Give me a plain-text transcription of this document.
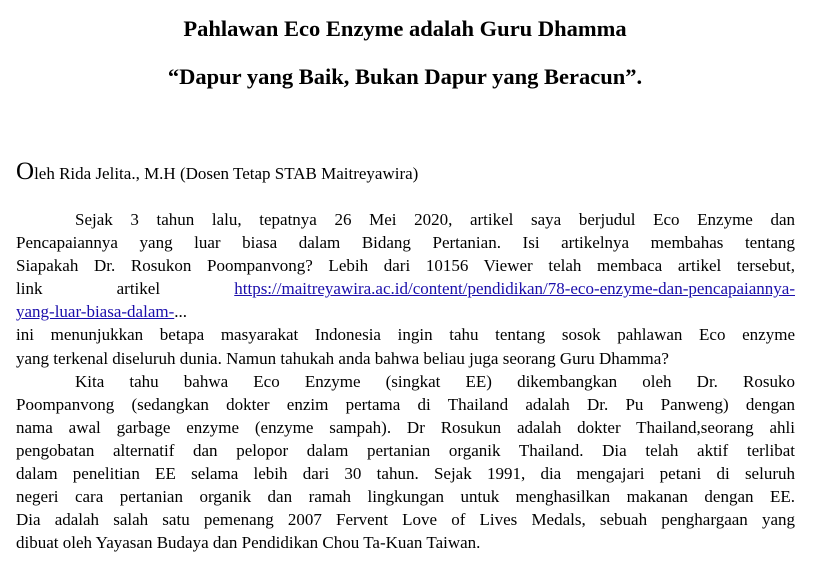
Pahlawan Eco Enzyme adalah Guru Dhamma
“Dapur yang Baik, Bukan Dapur yang Beracun”.
Oleh Rida Jelita., M.H (Dosen Tetap STAB Maitreyawira)
Sejak 3 tahun lalu, tepatnya 26 Mei 2020, artikel saya berjudul Eco Enzyme dan
Pencapaiannya yang luar biasa dalam Bidang Pertanian. Isi artikelnya membahas tentang
Siapakah Dr. Rosukon Poompanvong? Lebih dari 10156 Viewer telah membaca artikel tersebut,
link artikel	https://maitreyawira.ac.id/content/pendidikan/78-eco-enzyme-dan-pencapaiannya-
yang-luar-biasa-dalam-...
ini menunjukkan betapa masyarakat Indonesia ingin tahu tentang sosok pahlawan Eco enzyme
yang terkenal diseluruh dunia. Namun tahukah anda bahwa beliau juga seorang Guru Dhamma?
Kita tahu bahwa Eco Enzyme (singkat EE) dikembangkan oleh Dr. Rosuko
Poompanvong (sedangkan dokter enzim pertama di Thailand adalah Dr. Pu Panweng) dengan
nama awal garbage enzyme (enzyme sampah). Dr Rosukun adalah dokter Thailand,seorang ahli
pengobatan alternatif dan pelopor dalam pertanian organik Thailand. Dia telah aktif terlibat
dalam penelitian EE selama lebih dari 30 tahun. Sejak 1991, dia mengajari petani di seluruh
negeri cara pertanian organik dan ramah lingkungan untuk menghasilkan makanan dengan EE.
Dia adalah salah satu pemenang 2007 Fervent Love of Lives Medals, sebuah penghargaan yang
dibuat oleh Yayasan Budaya dan Pendidikan Chou Ta-Kuan Taiwan.
